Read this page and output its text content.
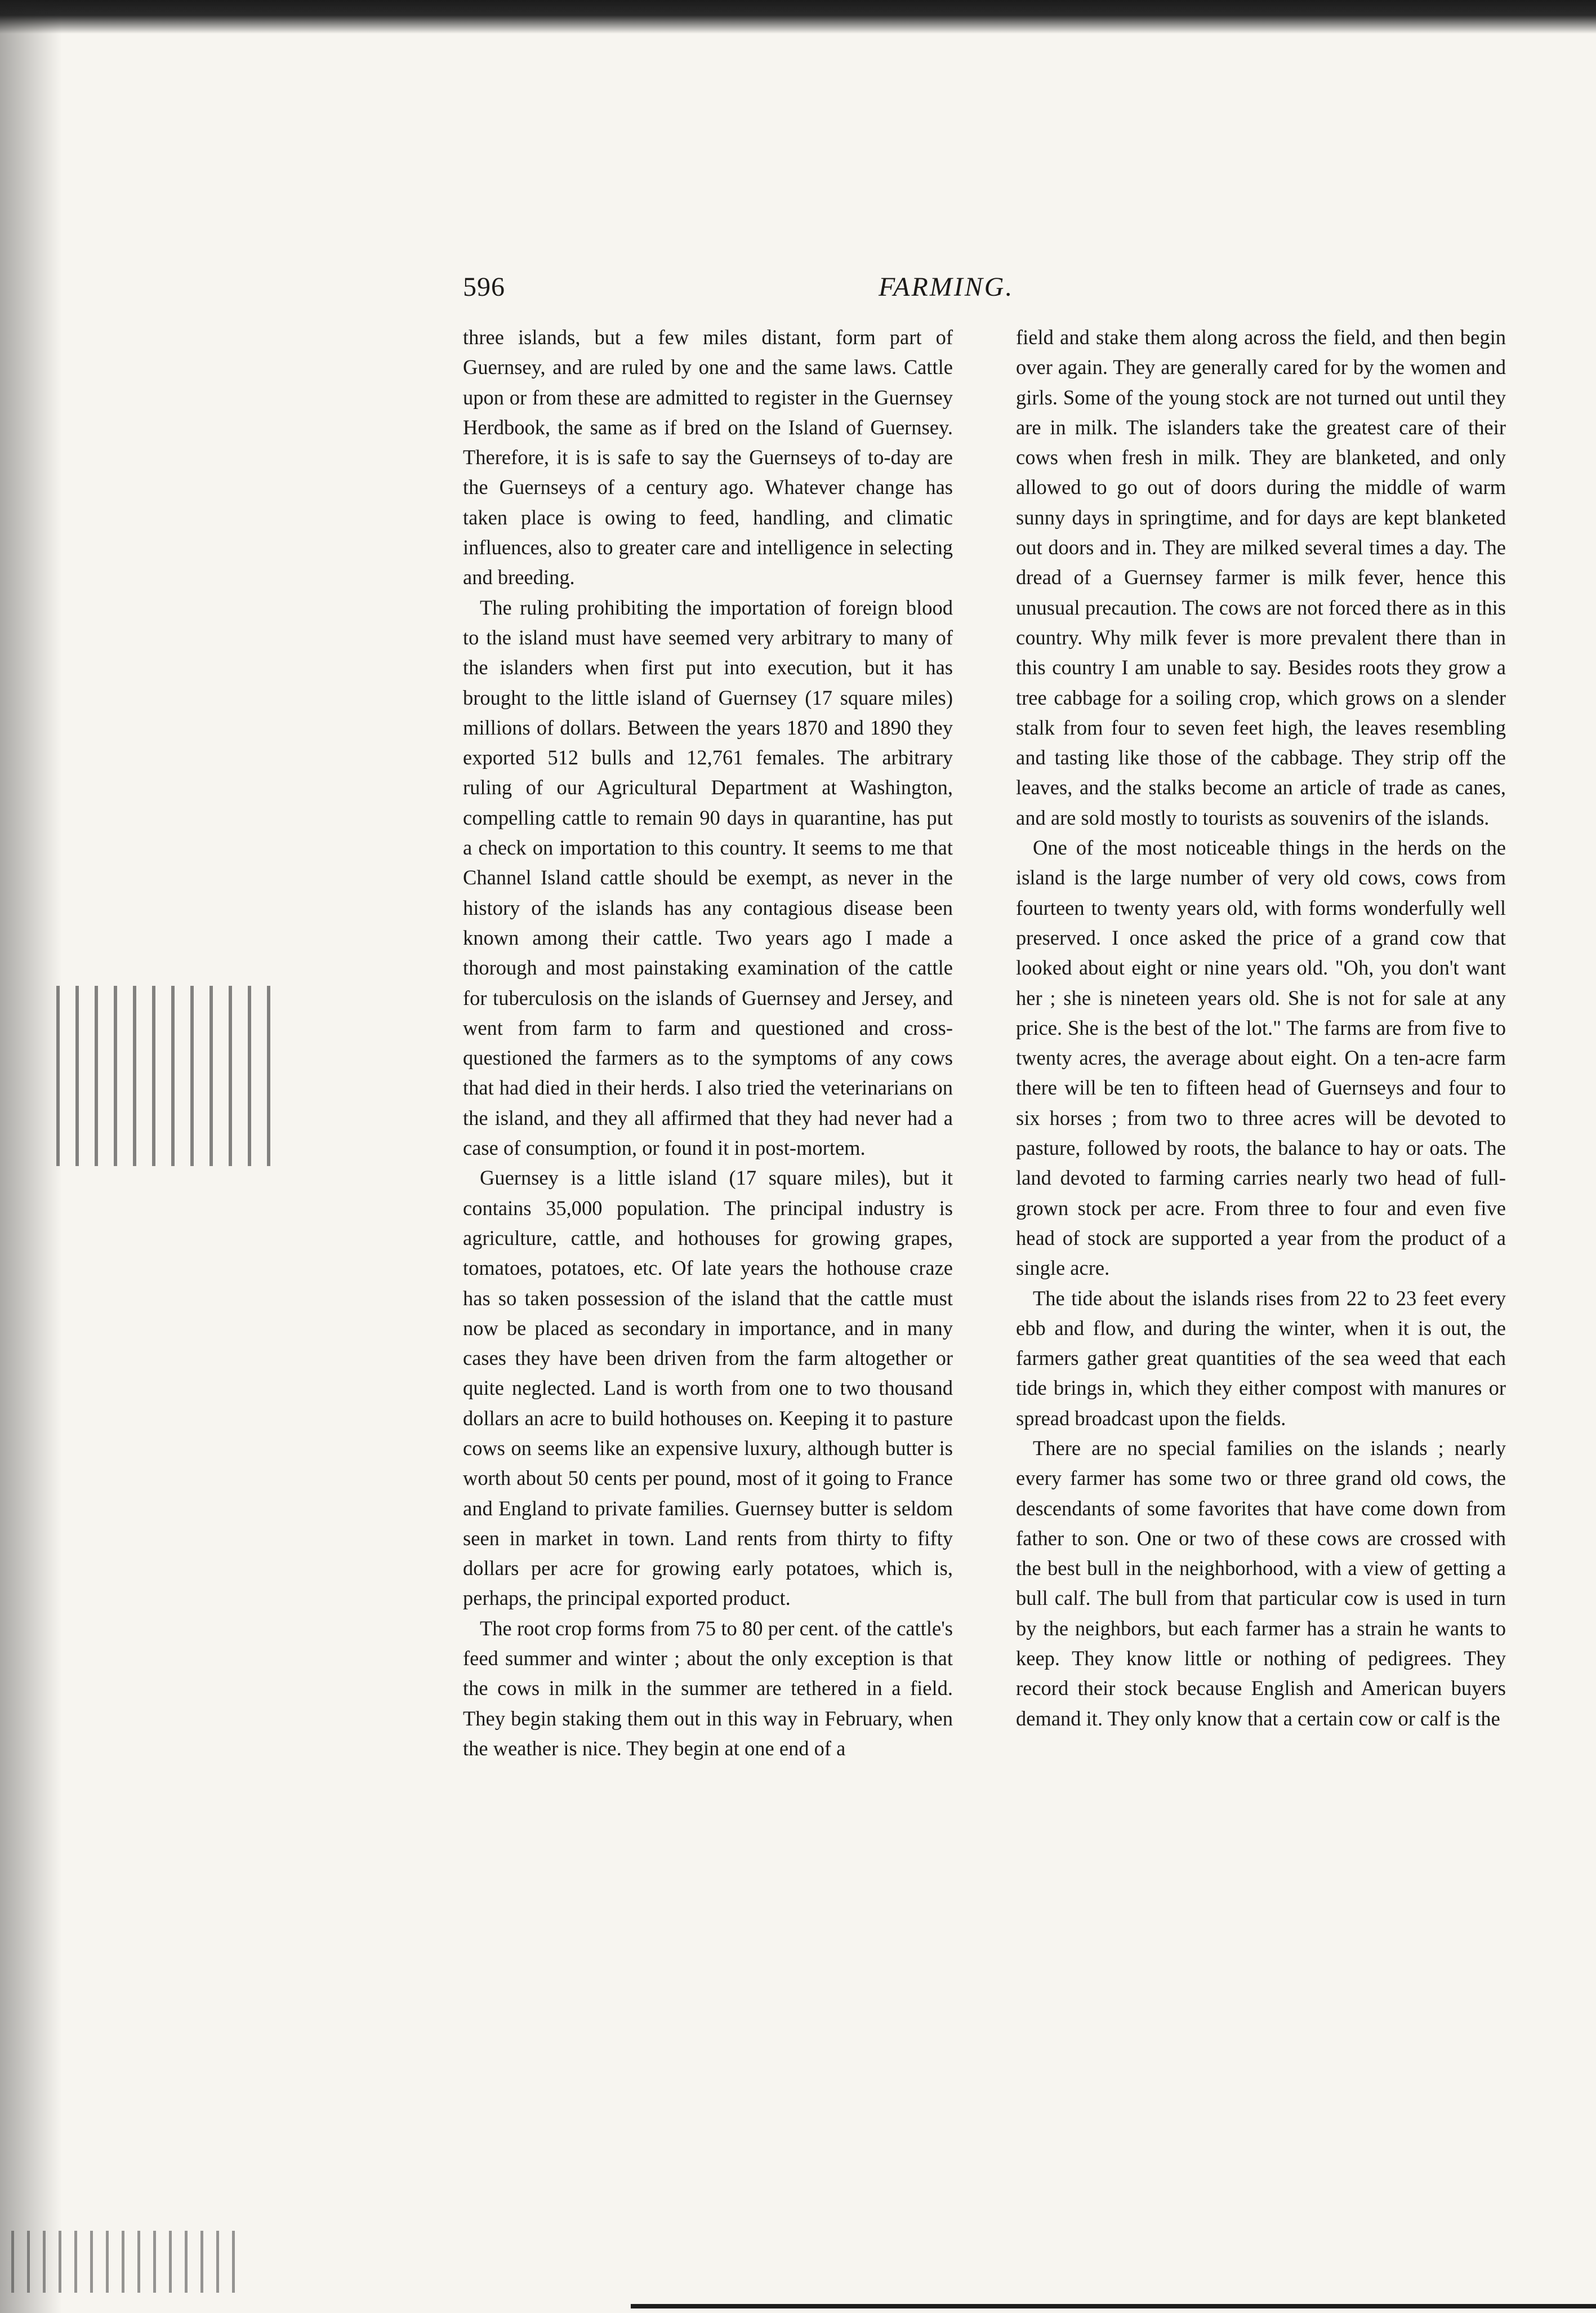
596	FARMING.

three islands, but a few miles distant, form part of Guernsey, and are ruled by one and the same laws. Cattle upon or from these are admitted to register in the Guernsey Herdbook, the same as if bred on the Island of Guernsey. Therefore, it is is safe to say the Guernseys of to-day are the Guernseys of a century ago. Whatever change has taken place is owing to feed, handling, and climatic influences, also to greater care and intelligence in selecting and breeding.

The ruling prohibiting the importation of foreign blood to the island must have seemed very arbitrary to many of the islanders when first put into execution, but it has brought to the little island of Guernsey (17 square miles) millions of dollars. Between the years 1870 and 1890 they exported 512 bulls and 12,761 females. The arbitrary ruling of our Agricultural Department at Washington, compelling cattle to remain 90 days in quarantine, has put a check on importation to this country. It seems to me that Channel Island cattle should be exempt, as never in the history of the islands has any contagious disease been known among their cattle. Two years ago I made a thorough and most painstaking examination of the cattle for tuberculosis on the islands of Guernsey and Jersey, and went from farm to farm and questioned and cross-questioned the farmers as to the symptoms of any cows that had died in their herds. I also tried the veterinarians on the island, and they all affirmed that they had never had a case of consumption, or found it in post-mortem.

Guernsey is a little island (17 square miles), but it contains 35,000 population. The principal industry is agriculture, cattle, and hothouses for growing grapes, tomatoes, potatoes, etc. Of late years the hothouse craze has so taken possession of the island that the cattle must now be placed as secondary in importance, and in many cases they have been driven from the farm altogether or quite neglected. Land is worth from one to two thousand dollars an acre to build hothouses on. Keeping it to pasture cows on seems like an expensive luxury, although butter is worth about 50 cents per pound, most of it going to France and England to private families. Guernsey butter is seldom seen in market in town. Land rents from thirty to fifty dollars per acre for growing early potatoes, which is, perhaps, the principal exported product.

The root crop forms from 75 to 80 per cent. of the cattle's feed summer and winter ; about the only exception is that the cows in milk in the summer are tethered in a field. They begin staking them out in this way in February, when the weather is nice. They begin at one end of a

field and stake them along across the field, and then begin over again. They are generally cared for by the women and girls. Some of the young stock are not turned out until they are in milk. The islanders take the greatest care of their cows when fresh in milk. They are blanketed, and only allowed to go out of doors during the middle of warm sunny days in springtime, and for days are kept blanketed out doors and in. They are milked several times a day. The dread of a Guernsey farmer is milk fever, hence this unusual precaution. The cows are not forced there as in this country. Why milk fever is more prevalent there than in this country I am unable to say. Besides roots they grow a tree cabbage for a soiling crop, which grows on a slender stalk from four to seven feet high, the leaves resembling and tasting like those of the cabbage. They strip off the leaves, and the stalks become an article of trade as canes, and are sold mostly to tourists as souvenirs of the islands.

One of the most noticeable things in the herds on the island is the large number of very old cows, cows from fourteen to twenty years old, with forms wonderfully well preserved. I once asked the price of a grand cow that looked about eight or nine years old. "Oh, you don't want her ; she is nineteen years old. She is not for sale at any price. She is the best of the lot." The farms are from five to twenty acres, the average about eight. On a ten-acre farm there will be ten to fifteen head of Guernseys and four to six horses ; from two to three acres will be devoted to pasture, followed by roots, the balance to hay or oats. The land devoted to farming carries nearly two head of full-grown stock per acre. From three to four and even five head of stock are supported a year from the product of a single acre.

The tide about the islands rises from 22 to 23 feet every ebb and flow, and during the winter, when it is out, the farmers gather great quantities of the sea weed that each tide brings in, which they either compost with manures or spread broadcast upon the fields.

There are no special families on the islands ; nearly every farmer has some two or three grand old cows, the descendants of some favorites that have come down from father to son. One or two of these cows are crossed with the best bull in the neighborhood, with a view of getting a bull calf. The bull from that particular cow is used in turn by the neighbors, but each farmer has a strain he wants to keep. They know little or nothing of pedigrees. They record their stock because English and American buyers demand it. They only know that a certain cow or calf is the
